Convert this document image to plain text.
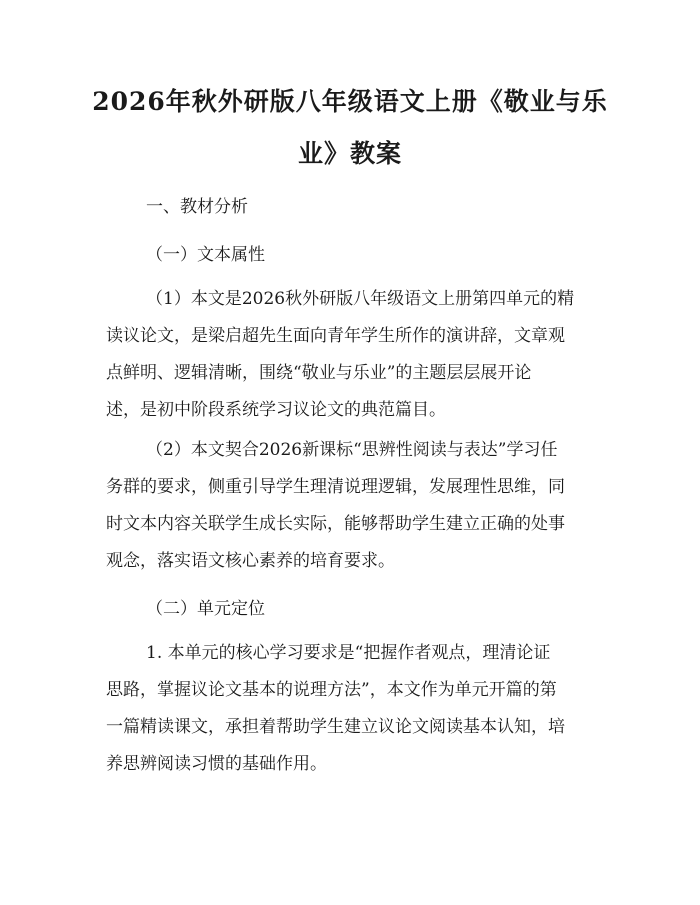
2026年秋外研版八年级语文上册《敬业与乐
业》教案

一、教材分析

（一）文本属性

（1）本文是2026秋外研版八年级语文上册第四单元的精
读议论文，是梁启超先生面向青年学生所作的演讲辞，文章观
点鲜明、逻辑清晰，围绕“敬业与乐业”的主题层层展开论
述，是初中阶段系统学习议论文的典范篇目。
（2）本文契合2026新课标“思辨性阅读与表达”学习任
务群的要求，侧重引导学生理清说理逻辑，发展理性思维，同
时文本内容关联学生成长实际，能够帮助学生建立正确的处事
观念，落实语文核心素养的培育要求。

（二）单元定位

1. 本单元的核心学习要求是“把握作者观点，理清论证
思路，掌握议论文基本的说理方法”，本文作为单元开篇的第
一篇精读课文，承担着帮助学生建立议论文阅读基本认知，培
养思辨阅读习惯的基础作用。
